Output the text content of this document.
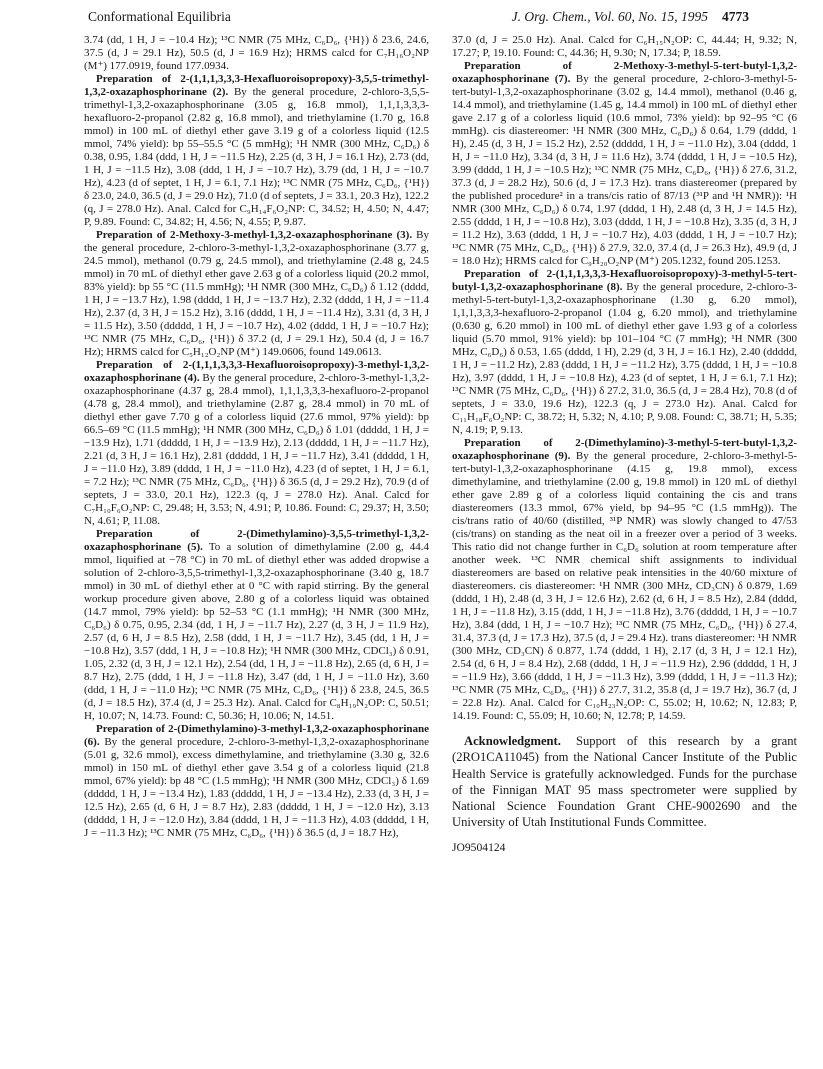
Conformational Equilibria	J. Org. Chem., Vol. 60, No. 15, 1995 4773

3.74 (dd, 1 H, J = −10.4 Hz); ¹³C NMR (75 MHz, C₆D₆, {¹H}) δ 23.6, 24.6, 37.5 (d, J = 29.1 Hz), 50.5 (d, J = 16.9 Hz); HRMS calcd for C₇H₁₆O₂NP (M⁺) 177.0919, found 177.0934.

Preparation of 2-(1,1,1,3,3,3-Hexafluoroisopropoxy)-3,5,5-trimethyl-1,3,2-oxazaphosphorinane (2). By the general procedure, 2-chloro-3,5,5-trimethyl-1,3,2-oxazaphosphorinane (3.05 g, 16.8 mmol), 1,1,1,3,3,3-hexafluoro-2-propanol (2.82 g, 16.8 mmol), and triethylamine (1.70 g, 16.8 mmol) in 100 mL of diethyl ether gave 3.19 g of a colorless liquid (12.5 mmol, 74% yield): bp 55–55.5 °C (5 mmHg); ¹H NMR (300 MHz, C₆D₆) δ 0.38, 0.95, 1.84 (ddd, 1 H, J = −11.5 Hz), 2.25 (d, 3 H, J = 16.1 Hz), 2.73 (dd, 1 H, J = −11.5 Hz), 3.08 (ddd, 1 H, J = −10.7 Hz), 3.79 (dd, 1 H, J = −10.7 Hz), 4.23 (d of septet, 1 H, J = 6.1, 7.1 Hz); ¹³C NMR (75 MHz, C₆D₆, {¹H}) δ 23.0, 24.0, 36.5 (d, J = 29.0 Hz), 71.0 (d of septets, J = 33.1, 20.3 Hz), 122.2 (q, J = 278.0 Hz). Anal. Calcd for C₉H₁₄F₆O₂NP: C, 34.52; H, 4.50; N, 4.47; P, 9.89. Found: C, 34.82; H, 4.56; N, 4.55; P, 9.87.

Preparation of 2-Methoxy-3-methyl-1,3,2-oxazaphosphorinane (3). By the general procedure, 2-chloro-3-methyl-1,3,2-oxazaphosphorinane (3.77 g, 24.5 mmol), methanol (0.79 g, 24.5 mmol), and triethylamine (2.48 g, 24.5 mmol) in 70 mL of diethyl ether gave 2.63 g of a colorless liquid (20.2 mmol, 83% yield): bp 55 °C (11.5 mmHg); ¹H NMR (300 MHz, C₆D₆) δ 1.12 (dddd, 1 H, J = −13.7 Hz), 1.98 (dddd, 1 H, J = −13.7 Hz), 2.32 (dddd, 1 H, J = −11.4 Hz), 2.37 (d, 3 H, J = 15.2 Hz), 3.16 (dddd, 1 H, J = −11.4 Hz), 3.31 (d, 3 H, J = 11.5 Hz), 3.50 (ddddd, 1 H, J = −10.7 Hz), 4.02 (dddd, 1 H, J = −10.7 Hz); ¹³C NMR (75 MHz, C₆D₆, {¹H}) δ 37.2 (d, J = 29.1 Hz), 50.4 (d, J = 16.7 Hz); HRMS calcd for C₅H₁₂O₂NP (M⁺) 149.0606, found 149.0613.

Preparation of 2-(1,1,1,3,3,3-Hexafluoroisopropoxy)-3-methyl-1,3,2-oxazaphosphorinane (4). By the general procedure, 2-chloro-3-methyl-1,3,2-oxazaphosphorinane (4.37 g, 28.4 mmol), 1,1,1,3,3,3-hexafluoro-2-propanol (4.78 g, 28.4 mmol), and triethylamine (2.87 g, 28.4 mmol) in 70 mL of diethyl ether gave 7.70 g of a colorless liquid (27.6 mmol, 97% yield): bp 66.5–69 °C (11.5 mmHg); ¹H NMR (300 MHz, C₆D₆) δ 1.01 (ddddd, 1 H, J = −13.9 Hz), 1.71 (ddddd, 1 H, J = −13.9 Hz), 2.13 (ddddd, 1 H, J = −11.7 Hz), 2.21 (d, 3 H, J = 16.1 Hz), 2.81 (ddddd, 1 H, J = −11.7 Hz), 3.41 (ddddd, 1 H, J = −11.0 Hz), 3.89 (dddd, 1 H, J = −11.0 Hz), 4.23 (d of septet, 1 H, J = 6.1, = 7.2 Hz); ¹³C NMR (75 MHz, C₆D₆, {¹H}) δ 36.5 (d, J = 29.2 Hz), 70.9 (d of septets, J = 33.0, 20.1 Hz), 122.3 (q, J = 278.0 Hz). Anal. Calcd for C₇H₁₀F₆O₂NP: C, 29.48; H, 3.53; N, 4.91; P, 10.86. Found: C, 29.37; H, 3.50; N, 4.61; P, 11.08.

Preparation of 2-(Dimethylamino)-3,5,5-trimethyl-1,3,2-oxazaphosphorinane (5). To a solution of dimethylamine (2.00 g, 44.4 mmol, liquified at −78 °C) in 70 mL of diethyl ether was added dropwise a solution of 2-chloro-3,5,5-trimethyl-1,3,2-oxazaphosphorinane (3.40 g, 18.7 mmol) in 30 mL of diethyl ether at 0 °C with rapid stirring. By the general workup procedure given above, 2.80 g of a colorless liquid was obtained (14.7 mmol, 79% yield): bp 52–53 °C (1.1 mmHg); ¹H NMR (300 MHz, C₆D₆) δ 0.75, 0.95, 2.34 (dd, 1 H, J = −11.7 Hz), 2.27 (d, 3 H, J = 11.9 Hz), 2.57 (d, 6 H, J = 8.5 Hz), 2.58 (ddd, 1 H, J = −11.7 Hz), 3.45 (dd, 1 H, J = −10.8 Hz), 3.57 (ddd, 1 H, J = −10.8 Hz); ¹H NMR (300 MHz, CDCl₃) δ 0.91, 1.05, 2.32 (d, 3 H, J = 12.1 Hz), 2.54 (dd, 1 H, J = −11.8 Hz), 2.65 (d, 6 H, J = 8.7 Hz), 2.75 (ddd, 1 H, J = −11.8 Hz), 3.47 (dd, 1 H, J = −11.0 Hz), 3.60 (ddd, 1 H, J = −11.0 Hz); ¹³C NMR (75 MHz, C₆D₆, {¹H}) δ 23.8, 24.5, 36.5 (d, J = 18.5 Hz), 37.4 (d, J = 25.3 Hz). Anal. Calcd for C₈H₁₉N₂OP: C, 50.51; H, 10.07; N, 14.73. Found: C, 50.36; H, 10.06; N, 14.51.

Preparation of 2-(Dimethylamino)-3-methyl-1,3,2-oxazaphosphorinane (6). By the general procedure, 2-chloro-3-methyl-1,3,2-oxazaphosphorinane (5.01 g, 32.6 mmol), excess dimethylamine, and triethylamine (3.30 g, 32.6 mmol) in 150 mL of diethyl ether gave 3.54 g of a colorless liquid (21.8 mmol, 67% yield): bp 48 °C (1.5 mmHg); ¹H NMR (300 MHz, CDCl₃) δ 1.69 (ddddd, 1 H, J = −13.4 Hz), 1.83 (ddddd, 1 H, J = −13.4 Hz), 2.33 (d, 3 H, J = 12.5 Hz), 2.65 (d, 6 H, J = 8.7 Hz), 2.83 (ddddd, 1 H, J = −12.0 Hz), 3.13 (ddddd, 1 H, J = −12.0 Hz), 3.84 (dddd, 1 H, J = −11.3 Hz), 4.03 (ddddd, 1 H, J = −11.3 Hz); ¹³C NMR (75 MHz, C₆D₆, {¹H}) δ 36.5 (d, J = 18.7 Hz),

37.0 (d, J = 25.0 Hz). Anal. Calcd for C₆H₁₅N₂OP: C, 44.44; H, 9.32; N, 17.27; P, 19.10. Found: C, 44.36; H, 9.30; N, 17.34; P, 18.59.

Preparation of 2-Methoxy-3-methyl-5-tert-butyl-1,3,2-oxazaphosphorinane (7). By the general procedure, 2-chloro-3-methyl-5-tert-butyl-1,3,2-oxazaphosphorinane (3.02 g, 14.4 mmol), methanol (0.46 g, 14.4 mmol), and triethylamine (1.45 g, 14.4 mmol) in 100 mL of diethyl ether gave 2.17 g of a colorless liquid (10.6 mmol, 73% yield): bp 92–95 °C (6 mmHg). cis diastereomer: ¹H NMR (300 MHz, C₆D₆) δ 0.64, 1.79 (dddd, 1 H), 2.45 (d, 3 H, J = 15.2 Hz), 2.52 (ddddd, 1 H, J = −11.0 Hz), 3.04 (dddd, 1 H, J = −11.0 Hz), 3.34 (d, 3 H, J = 11.6 Hz), 3.74 (dddd, 1 H, J = −10.5 Hz), 3.99 (dddd, 1 H, J = −10.5 Hz); ¹³C NMR (75 MHz, C₆D₆, {¹H}) δ 27.6, 31.2, 37.3 (d, J = 28.2 Hz), 50.6 (d, J = 17.3 Hz). trans diastereomer (prepared by the published procedure² in a trans/cis ratio of 87/13 (³¹P and ¹H NMR)): ¹H NMR (300 MHz, C₆D₆) δ 0.74, 1.97 (dddd, 1 H), 2.48 (d, 3 H, J = 14.5 Hz), 2.55 (dddd, 1 H, J = −10.8 Hz), 3.03 (dddd, 1 H, J = −10.8 Hz), 3.35 (d, 3 H, J = 11.2 Hz), 3.63 (dddd, 1 H, J = −10.7 Hz), 4.03 (dddd, 1 H, J = −10.7 Hz); ¹³C NMR (75 MHz, C₆D₆, {¹H}) δ 27.9, 32.0, 37.4 (d, J = 26.3 Hz), 49.9 (d, J = 18.0 Hz); HRMS calcd for C₉H₂₀O₂NP (M⁺) 205.1232, found 205.1253.

Preparation of 2-(1,1,1,3,3,3-Hexafluoroisopropoxy)-3-methyl-5-tert-butyl-1,3,2-oxazaphosphorinane (8). By the general procedure, 2-chloro-3-methyl-5-tert-butyl-1,3,2-oxazaphosphorinane (1.30 g, 6.20 mmol), 1,1,1,3,3,3-hexafluoro-2-propanol (1.04 g, 6.20 mmol), and triethylamine (0.630 g, 6.20 mmol) in 100 mL of diethyl ether gave 1.93 g of a colorless liquid (5.70 mmol, 91% yield): bp 101–104 °C (7 mmHg); ¹H NMR (300 MHz, C₆D₆) δ 0.53, 1.65 (dddd, 1 H), 2.29 (d, 3 H, J = 16.1 Hz), 2.40 (ddddd, 1 H, J = −11.2 Hz), 2.83 (dddd, 1 H, J = −11.2 Hz), 3.75 (dddd, 1 H, J = −10.8 Hz), 3.97 (dddd, 1 H, J = −10.8 Hz), 4.23 (d of septet, 1 H, J = 6.1, 7.1 Hz); ¹³C NMR (75 MHz, C₆D₆, {¹H}) δ 27.2, 31.0, 36.5 (d, J = 28.4 Hz), 70.8 (d of septets, J = 33.0, 19.6 Hz), 122.3 (q, J = 273.0 Hz). Anal. Calcd for C₁₁H₁₈F₆O₂NP: C, 38.72; H, 5.32; N, 4.10; P, 9.08. Found: C, 38.71; H, 5.35; N, 4.19; P, 9.13.

Preparation of 2-(Dimethylamino)-3-methyl-5-tert-butyl-1,3,2-oxazaphosphorinane (9). By the general procedure, 2-chloro-3-methyl-5-tert-butyl-1,3,2-oxazaphosphorinane (4.15 g, 19.8 mmol), excess dimethylamine, and triethylamine (2.00 g, 19.8 mmol) in 120 mL of diethyl ether gave 2.89 g of a colorless liquid containing the cis and trans diastereomers (13.3 mmol, 67% yield, bp 94–95 °C (1.5 mmHg)). The cis/trans ratio of 40/60 (distilled, ³¹P NMR) was slowly changed to 47/53 (cis/trans) on standing as the neat oil in a freezer over a period of 3 weeks. This ratio did not change further in C₆D₆ solution at room temperature after another week. ¹³C NMR chemical shift assignments to individual diastereomers are based on relative peak intensities in the 40/60 mixture of diastereomers. cis diastereomer: ¹H NMR (300 MHz, CD₃CN) δ 0.879, 1.69 (dddd, 1 H), 2.48 (d, 3 H, J = 12.6 Hz), 2.62 (d, 6 H, J = 8.5 Hz), 2.84 (dddd, 1 H, J = −11.8 Hz), 3.15 (ddd, 1 H, J = −11.8 Hz), 3.76 (ddddd, 1 H, J = −10.7 Hz), 3.84 (ddd, 1 H, J = −10.7 Hz); ¹³C NMR (75 MHz, C₆D₆, {¹H}) δ 27.4, 31.4, 37.3 (d, J = 17.3 Hz), 37.5 (d, J = 29.4 Hz). trans diastereomer: ¹H NMR (300 MHz, CD₃CN) δ 0.877, 1.74 (dddd, 1 H), 2.17 (d, 3 H, J = 12.1 Hz), 2.54 (d, 6 H, J = 8.4 Hz), 2.68 (dddd, 1 H, J = −11.9 Hz), 2.96 (ddddd, 1 H, J = −11.9 Hz), 3.66 (dddd, 1 H, J = −11.3 Hz), 3.99 (dddd, 1 H, J = −11.3 Hz); ¹³C NMR (75 MHz, C₆D₆, {¹H}) δ 27.7, 31.2, 35.8 (d, J = 19.7 Hz), 36.7 (d, J = 22.8 Hz). Anal. Calcd for C₁₀H₂₃N₂OP: C, 55.02; H, 10.62; N, 12.83; P, 14.19. Found: C, 55.09; H, 10.60; N, 12.78; P, 14.59.

Acknowledgment. Support of this research by a grant (2RO1CA11045) from the National Cancer Institute of the Public Health Service is gratefully acknowledged. Funds for the purchase of the Finnigan MAT 95 mass spectrometer were supplied by National Science Foundation Grant CHE-9002690 and the University of Utah Institutional Funds Committee.

JO9504124
